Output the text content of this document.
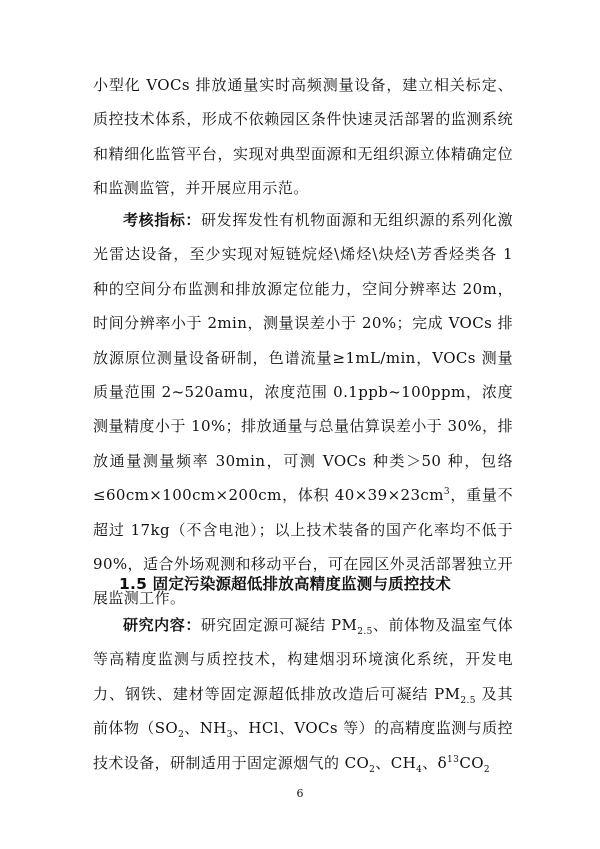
小型化 VOCs 排放通量实时高频测量设备，建立相关标定、质控技术体系，形成不依赖园区条件快速灵活部署的监测系统和精细化监管平台，实现对典型面源和无组织源立体精确定位和监测监管，并开展应用示范。

考核指标：研发挥发性有机物面源和无组织源的系列化激光雷达设备，至少实现对短链烷烃\烯烃\炔烃\芳香烃类各 1 种的空间分布监测和排放源定位能力，空间分辨率达 20m，时间分辨率小于 2min，测量误差小于 20%；完成 VOCs 排放源原位测量设备研制，色谱流量≥1mL/min，VOCs 测量质量范围 2~520amu，浓度范围 0.1ppb~100ppm，浓度测量精度小于 10%；排放通量与总量估算误差小于 30%，排放通量测量频率 30min，可测 VOCs 种类＞50 种，包络≤60cm×100cm×200cm，体积 $40\times 39\times 23cm^3$，重量不超过 17kg（不含电池）；以上技术装备的国产化率均不低于 90%，适合外场观测和移动平台，可在园区外灵活部署独立开展监测工作。

1.5 固定污染源超低排放高精度监测与质控技术

研究内容：研究固定源可凝结 $PM_{2.5}$、前体物及温室气体等高精度监测与质控技术，构建烟羽环境演化系统，开发电力、钢铁、建材等固定源超低排放改造后可凝结 $PM_{2.5}$ 及其前体物（$SO_2$、$NH_3$、HCl、VOCs 等）的高精度监测与质控技术设备，研制适用于固定源烟气的 $CO_2$、$CH_4$、$\delta^{13}CO_2$

6
